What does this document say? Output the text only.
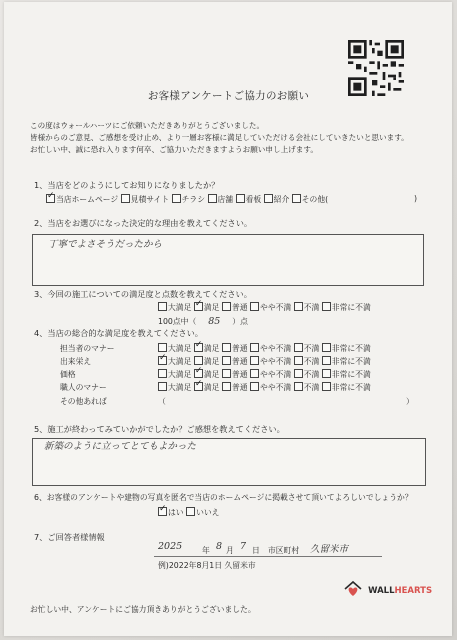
お客様アンケートご協力のお願い
この度はウォールハーツにご依頼いただきありがとうございました。
皆様からのご意見、ご感想を受け止め、より一層お客様に満足していただける会社にしていきたいと思います。
お忙しい中、誠に恐れ入ります何卒、ご協力いただきますようお願い申し上げます。
1、当店をどのようにしてお知りになりましたか？
✓当店ホームページ 見積サイト チラシ 店舗 看板 紹介 その他(	)
2、当店をお選びになった決定的な理由を教えてください。
丁寧でよさそうだったから
3、今回の施工についての満足度と点数を教えてください。
大満足 ✓ 満足 普通 やや不満 不満 非常に不満
100点中（ 85 ）点
4、当店の総合的な満足度を教えてください。
担当者のマナー	大満足 ✓ 満足 普通 やや不満 不満 非常に不満
出来栄え ✓	大満足 満足 普通 やや不満 不満 非常に不満
価格	大満足 ✓ 満足 普通 やや不満 不満 非常に不満
職人のマナー	大満足 ✓ 満足 普通 やや不満 不満 非常に不満
その他あれば	（	）
5、施工が終わってみていかがでしたか？ご感想を教えてください。
新築のように立ってとてもよかった
6、お客様のアンケートや建物の写真を匿名で当店のホームページに掲載させて頂いてよろしいでしょうか？
✓はい いいえ
7、ご回答者様情報
2025	年 8 月 7 日 市区町村 久留米市
例)2022年8月1日 久留米市
WALLHEARTS
お忙しい中、アンケートにご協力頂きありがとうございました。
